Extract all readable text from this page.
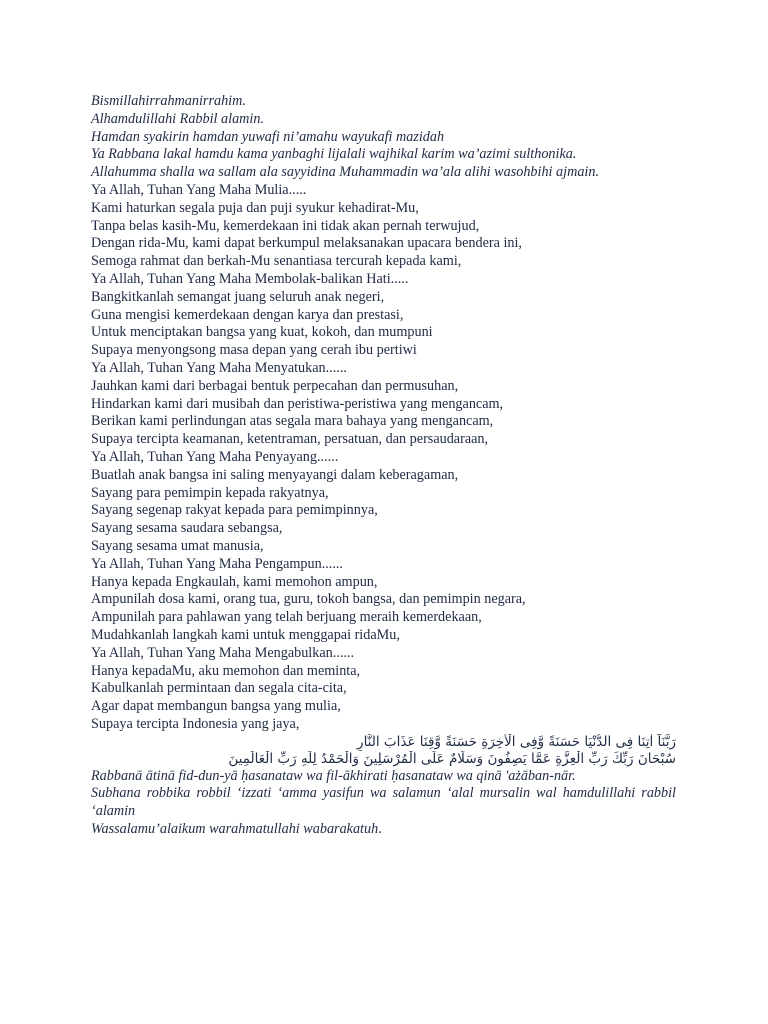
Bismillahirrahmanirrahim.
Alhamdulillahi Rabbil alamin.
Hamdan syakirin hamdan yuwafi ni’amahu wayukafi mazidah
Ya Rabbana lakal hamdu kama yanbaghi lijalali wajhikal karim wa’azimi sulthonika.
Allahumma shalla wa sallam ala sayyidina Muhammadin wa’ala alihi wasohbihi ajmain.
Ya Allah, Tuhan Yang Maha Mulia.....
Kami haturkan segala puja dan puji syukur kehadirat-Mu,
Tanpa belas kasih-Mu, kemerdekaan ini tidak akan pernah terwujud,
Dengan rida-Mu, kami dapat berkumpul melaksanakan upacara bendera ini,
Semoga rahmat dan berkah-Mu senantiasa tercurah kepada kami,
Ya Allah, Tuhan Yang Maha Membolak-balikan Hati.....
Bangkitkanlah semangat juang seluruh anak negeri,
Guna mengisi kemerdekaan dengan karya dan prestasi,
Untuk menciptakan bangsa yang kuat, kokoh, dan mumpuni
Supaya menyongsong masa depan yang cerah ibu pertiwi
Ya Allah, Tuhan Yang Maha Menyatukan......
Jauhkan kami dari berbagai bentuk perpecahan dan permusuhan,
Hindarkan kami dari musibah dan peristiwa-peristiwa yang mengancam,
Berikan kami perlindungan atas segala mara bahaya yang mengancam,
Supaya tercipta keamanan, ketentraman, persatuan, dan persaudaraan,
Ya Allah, Tuhan Yang Maha Penyayang......
Buatlah anak bangsa ini saling menyayangi dalam keberagaman,
Sayang para pemimpin kepada rakyatnya,
Sayang segenap rakyat kepada para pemimpinnya,
Sayang sesama saudara sebangsa,
Sayang sesama umat manusia,
Ya Allah, Tuhan Yang Maha Pengampun......
Hanya kepada Engkaulah, kami memohon ampun,
Ampunilah dosa kami, orang tua, guru, tokoh bangsa, dan pemimpin negara,
Ampunilah para pahlawan yang telah berjuang meraih kemerdekaan,
Mudahkanlah langkah kami untuk menggapai ridaMu,
Ya Allah, Tuhan Yang Maha Mengabulkan......
Hanya kepadaMu, aku memohon dan meminta,
Kabulkanlah permintaan dan segala cita-cita,
Agar dapat membangun bangsa yang mulia,
Supaya tercipta Indonesia yang jaya,
رَبَّنَآ اٰتِنَا فِى الدُّنْيَا حَسَنَةً وَّفِى الْاٰخِرَةِ حَسَنَةً وَّقِنَا عَذَابَ النَّارِ
سُبْحَانَ رَبِّكَ رَبِّ الْعِزَّةِ عَمَّا يَصِفُونَ وَسَلَامٌ عَلَى الْمُرْسَلِينَ وَالْحَمْدُ لِلَّهِ رَبِّ الْعَالَمِينَ
Rabbanā ātinā fid-dun-yā ḥasanataw wa fil-ākhirati ḥasanataw wa qinā 'ażāban-nār.
Subhana robbika robbil ‘izzati ‘amma yasifun wa salamun ‘alal mursalin wal hamdulillahi rabbil ‘alamin
Wassalamu’alaikum warahmatullahi wabarakatuh.
